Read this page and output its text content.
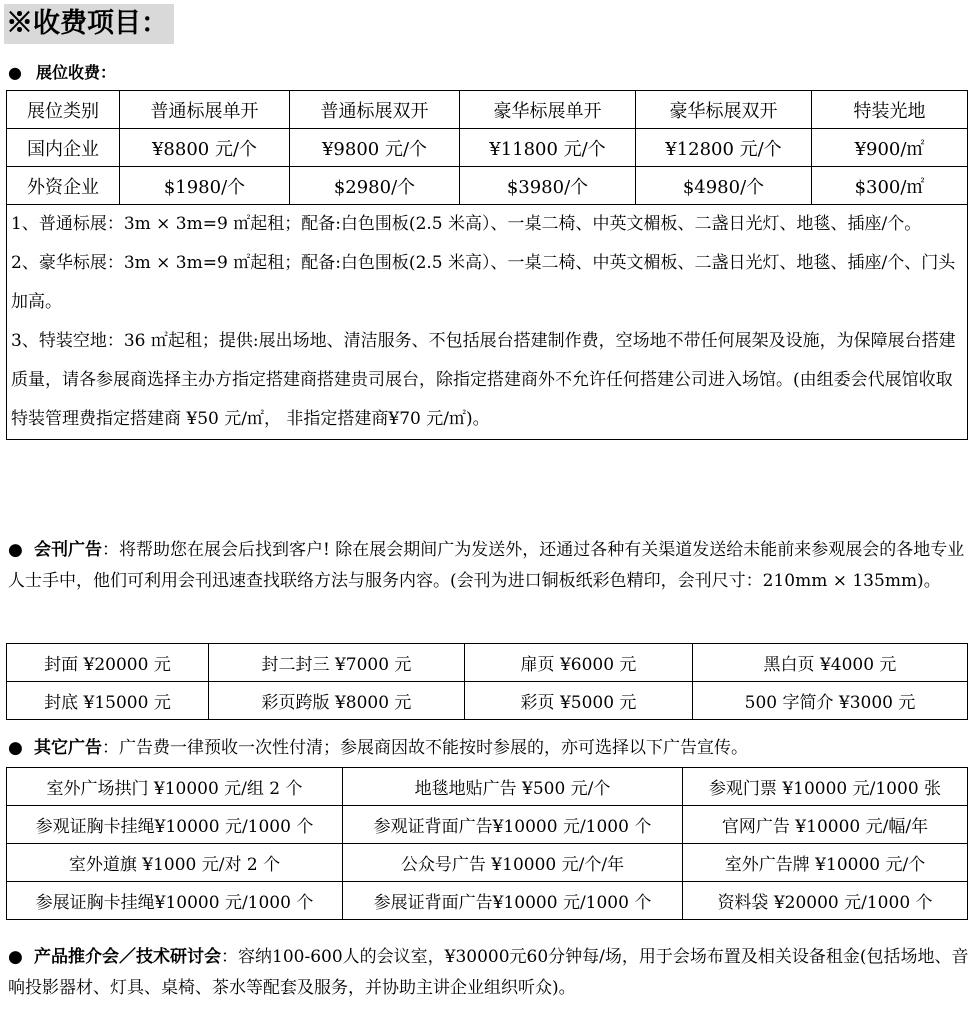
※收费项目：
● 展位收费：
展位类别	普通标展单开	普通标展双开	豪华标展单开	豪华标展双开	特装光地
国内企业	¥8800 元/个	¥9800 元/个	¥11800 元/个	¥12800 元/个	¥900/㎡
外资企业	$1980/个	$2980/个	$3980/个	$4980/个	$300/㎡

1、普通标展：3m × 3m=9 ㎡起租；配备:白色围板(2.5 米高）、一桌二椅、中英文楣板、二盏日光灯、地毯、插座/个。

2、豪华标展：3m × 3m=9 ㎡起租；配备:白色围板(2.5 米高）、一桌二椅、中英文楣板、二盏日光灯、地毯、插座/个、门头加高。

3、特装空地：36 ㎡起租；提供:展出场地、清洁服务、不包括展台搭建制作费，空场地不带任何展架及设施，为保障展台搭建质量，请各参展商选择主办方指定搭建商搭建贵司展台，除指定搭建商外不允许任何搭建公司进入场馆。(由组委会代展馆收取特装管理费指定搭建商 ¥50 元/㎡， 非指定搭建商¥70 元/㎡)。					

● 会刊广告：将帮助您在展会后找到客户! 除在展会期间广为发送外，还通过各种有关渠道发送给未能前来参观展会的各地专业人士手中，他们可利用会刊迅速查找联络方法与服务内容。(会刊为进口铜板纸彩色精印，会刊尺寸：210mm × 135mm)。
封面 ¥20000 元	封二封三 ¥7000 元	扉页 ¥6000 元	黑白页 ¥4000 元
封底 ¥15000 元	彩页跨版 ¥8000 元	彩页 ¥5000 元	500 字简介 ¥3000 元
● 其它广告：广告费一律预收一次性付清；参展商因故不能按时参展的，亦可选择以下广告宣传。
室外广场拱门 ¥10000 元/组 2 个	地毯地贴广告 ¥500 元/个	参观门票 ¥10000 元/1000 张
参观证胸卡挂绳¥10000 元/1000 个	参观证背面广告¥10000 元/1000 个	官网广告 ¥10000 元/幅/年
室外道旗 ¥1000 元/对 2 个	公众号广告 ¥10000 元/个/年	室外广告牌 ¥10000 元/个
参展证胸卡挂绳¥10000 元/1000 个	参展证背面广告¥10000 元/1000 个	资料袋 ¥20000 元/1000 个
● 产品推介会／技术研讨会：容纳100-600人的会议室，¥30000元60分钟每/场，用于会场布置及相关设备租金(包括场地、音响投影器材、灯具、桌椅、茶水等配套及服务，并协助主讲企业组织听众)。
